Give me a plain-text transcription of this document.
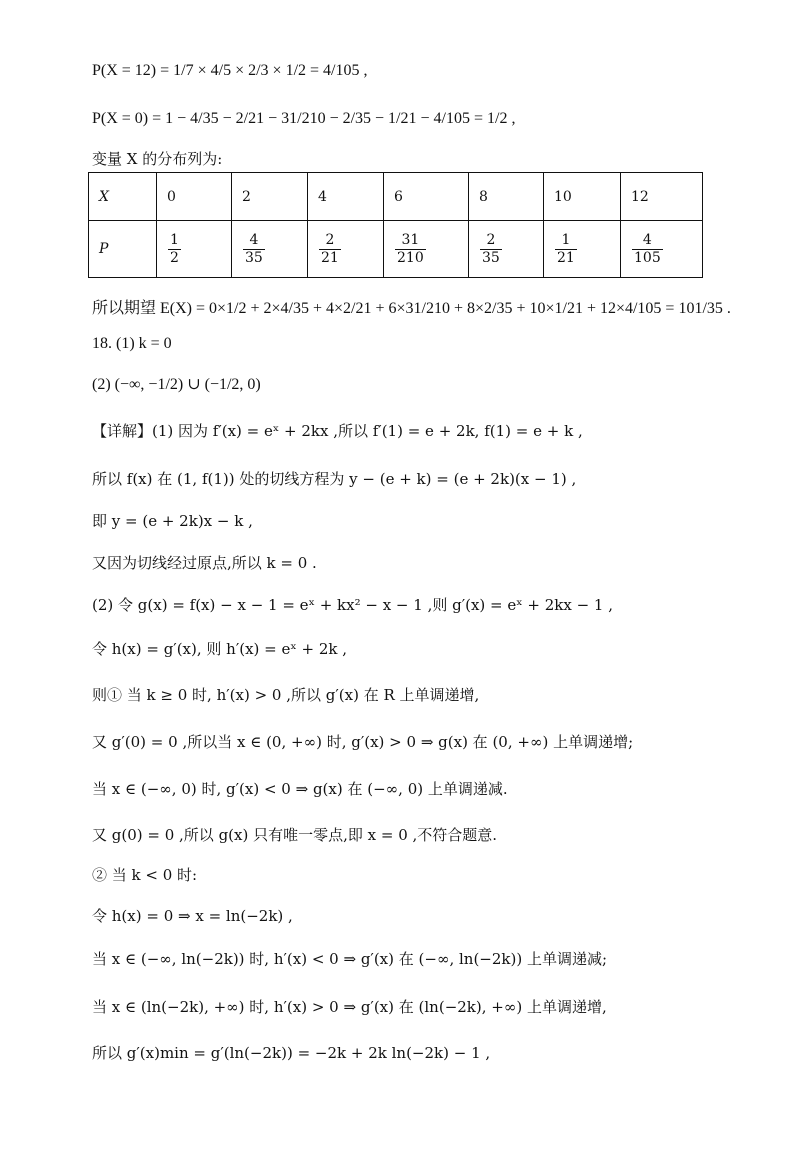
P(X = 12) = 1/7 × 4/5 × 2/3 × 1/2 = 4/105 ,
P(X = 0) = 1 − 4/35 − 2/21 − 31/210 − 2/35 − 1/21 − 4/105 = 1/2 ,
变量 X 的分布列为:
X	0	2	4	6	8	10	12
P	$\frac{1}{2}$	$\frac{4}{35}$	$\frac{2}{21}$	$\frac{31}{210}$	$\frac{2}{35}$	$\frac{1}{21}$	$\frac{4}{105}$
所以期望 E(X) = 0×1/2 + 2×4/35 + 4×2/21 + 6×31/210 + 8×2/35 + 10×1/21 + 12×4/105 = 101/35 .
18. (1) k = 0
(2) (−∞, −1/2) ∪ (−1/2, 0)
【详解】(1) 因为 f′(x) = eˣ + 2kx ,所以 f′(1) = e + 2k, f(1) = e + k ,
所以 f(x) 在 (1, f(1)) 处的切线方程为 y − (e + k) = (e + 2k)(x − 1) ,
即 y = (e + 2k)x − k ,
又因为切线经过原点,所以 k = 0 .
(2) 令 g(x) = f(x) − x − 1 = eˣ + kx² − x − 1 ,则 g′(x) = eˣ + 2kx − 1 ,
令 h(x) = g′(x), 则 h′(x) = eˣ + 2k ,
则① 当 k ≥ 0 时, h′(x) > 0 ,所以 g′(x) 在 R 上单调递增,
又 g′(0) = 0 ,所以当 x ∈ (0, +∞) 时, g′(x) > 0 ⇒ g(x) 在 (0, +∞) 上单调递增;
当 x ∈ (−∞, 0) 时, g′(x) < 0 ⇒ g(x) 在 (−∞, 0) 上单调递减.
又 g(0) = 0 ,所以 g(x) 只有唯一零点,即 x = 0 ,不符合题意.
② 当 k < 0 时:
令 h(x) = 0 ⇒ x = ln(−2k) ,
当 x ∈ (−∞, ln(−2k)) 时, h′(x) < 0 ⇒ g′(x) 在 (−∞, ln(−2k)) 上单调递减;
当 x ∈ (ln(−2k), +∞) 时, h′(x) > 0 ⇒ g′(x) 在 (ln(−2k), +∞) 上单调递增,
所以 g′(x)min = g′(ln(−2k)) = −2k + 2k ln(−2k) − 1 ,
